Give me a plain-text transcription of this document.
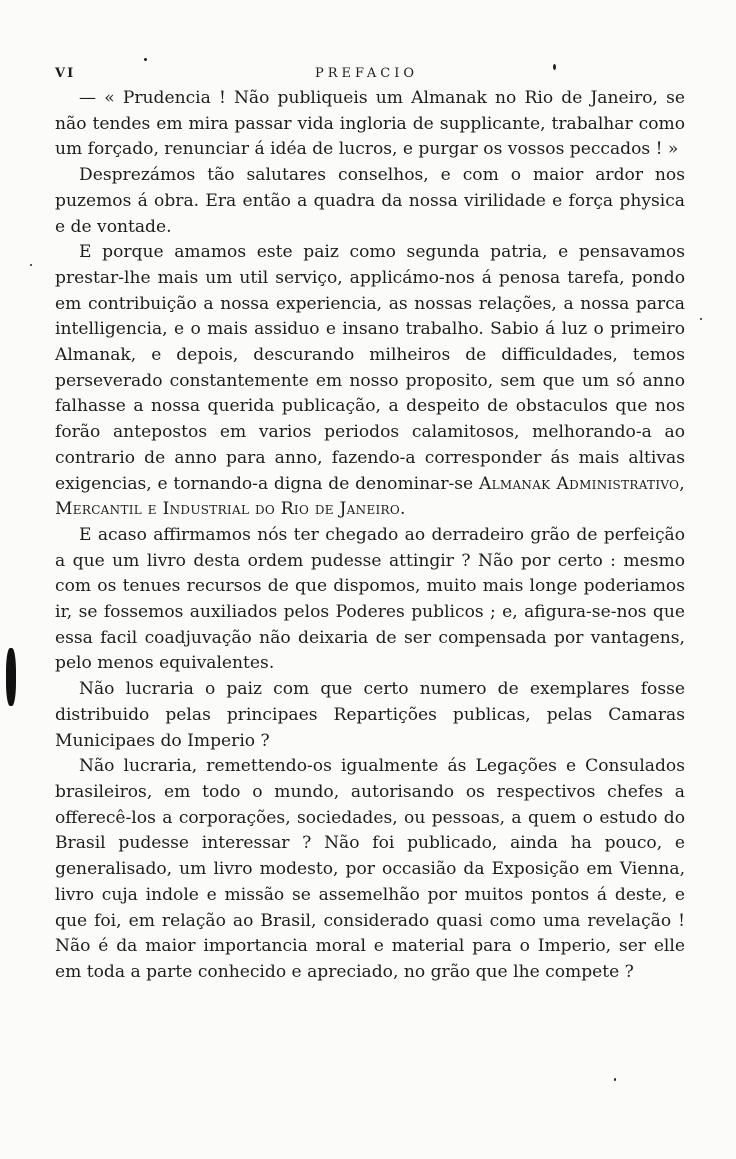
VI	PREFACIO

— « Prudencia ! Não publiqueis um Almanak no Rio de Janeiro, se não tendes em mira passar vida ingloria de supplicante, trabalhar como um forçado, renunciar á idéa de lucros, e purgar os vossos peccados ! »

Desprezámos tão salutares conselhos, e com o maior ardor nos puzemos á obra. Era então a quadra da nossa virilidade e força physica e de vontade.

E porque amamos este paiz como segunda patria, e pensavamos prestar-lhe mais um util serviço, applicámo-nos á penosa tarefa, pondo em contribuição a nossa experiencia, as nossas relações, a nossa parca intelligencia, e o mais assiduo e insano trabalho. Sabio á luz o primeiro Almanak, e depois, descurando milheiros de difficuldades, temos perseverado constantemente em nosso proposito, sem que um só anno falhasse a nossa querida publicação, a despeito de obstaculos que nos forão antepostos em varios periodos calamitosos, melhorando-a ao contrario de anno para anno, fazendo-a corresponder ás mais altivas exigencias, e tornando-a digna de denominar-se Almanak Administrativo, Mercantil e Industrial do Rio de Janeiro.

E acaso affirmamos nós ter chegado ao derradeiro grão de perfeição a que um livro desta ordem pudesse attingir ? Não por certo : mesmo com os tenues recursos de que dispomos, muito mais longe poderiamos ir, se fossemos auxiliados pelos Poderes publicos ; e, afigura-se-nos que essa facil coadjuvação não deixaria de ser compensada por vantagens, pelo menos equivalentes.

Não lucraria o paiz com que certo numero de exemplares fosse distribuido pelas principaes Repartições publicas, pelas Camaras Municipaes do Imperio ?

Não lucraria, remettendo-os igualmente ás Legações e Consulados brasileiros, em todo o mundo, autorisando os respectivos chefes a offerecê-los a corporações, sociedades, ou pessoas, a quem o estudo do Brasil pudesse interessar ? Não foi publicado, ainda ha pouco, e generalisado, um livro modesto, por occasião da Exposição em Vienna, livro cuja indole e missão se assemelhão por muitos pontos á deste, e que foi, em relação ao Brasil, considerado quasi como uma revelação ! Não é da maior importancia moral e material para o Imperio, ser elle em toda a parte conhecido e apreciado, no grão que lhe compete ?
